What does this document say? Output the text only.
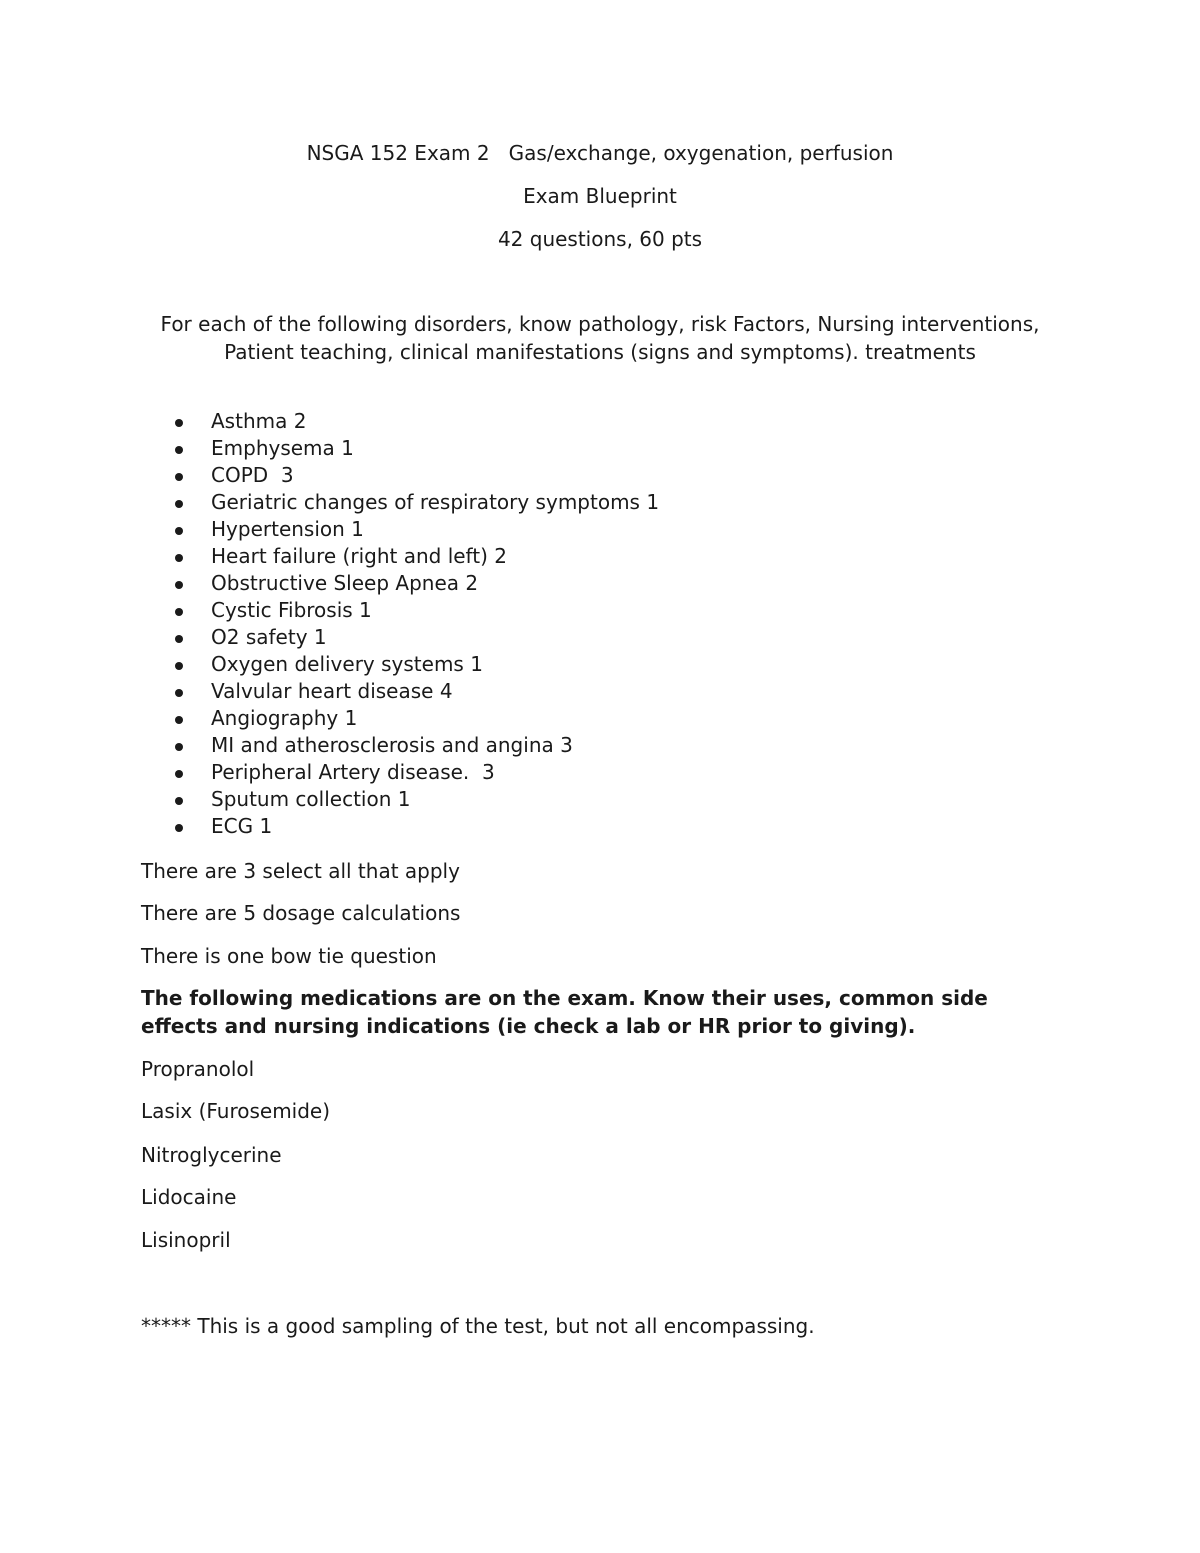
NSGA 152 Exam 2   Gas/exchange, oxygenation, perfusion
Exam Blueprint
42 questions, 60 pts
For each of the following disorders, know pathology, risk Factors, Nursing interventions, Patient teaching, clinical manifestations (signs and symptoms). treatments
Asthma 2
Emphysema 1
COPD  3
Geriatric changes of respiratory symptoms 1
Hypertension 1
Heart failure (right and left) 2
Obstructive Sleep Apnea 2
Cystic Fibrosis 1
O2 safety 1
Oxygen delivery systems 1
Valvular heart disease 4
Angiography 1
MI and atherosclerosis and angina 3
Peripheral Artery disease.  3
Sputum collection 1
ECG 1
There are 3 select all that apply
There are 5 dosage calculations
There is one bow tie question
The following medications are on the exam. Know their uses, common side effects and nursing indications (ie check a lab or HR prior to giving).
Propranolol
Lasix (Furosemide)
Nitroglycerine
Lidocaine
Lisinopril
***** This is a good sampling of the test, but not all encompassing.
